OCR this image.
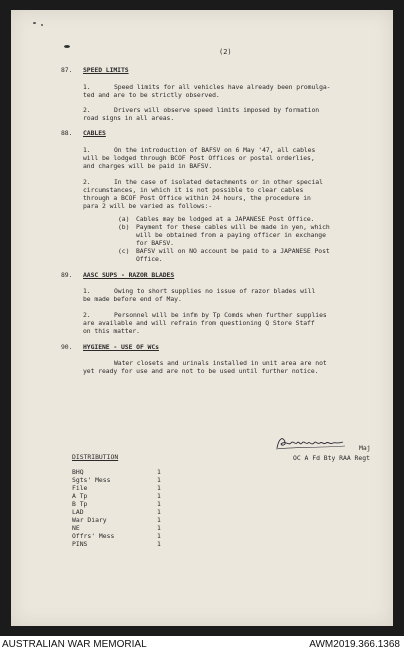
(2)
87. SPEED LIMITS
1.	Speed limits for all vehicles have already been promulga-
ted and are to be strictly observed.
2.	Drivers will observe speed limits imposed by formation
road signs in all areas.
88. CABLES
1.	On the introduction of BAFSV on 6 May '47, all cables
will be lodged through BCOF Post Offices or postal orderlies,
and charges will be paid in BAFSV.
2.	In the case of isolated detachments or in other special
circumstances, in which it is not possible to clear cables
through a BCOF Post Office within 24 hours, the procedure in
para 2 will be varied as follows:-
(a) Cables may be lodged at a JAPANESE Post Office.
(b) Payment for these cables will be made in yen, which
will be obtained from a paying officer in exchange
for BAFSV.
(c) BAFSV will on NO account be paid to a JAPANESE Post
Office.
89. AASC SUPS - RAZOR BLADES
1.	Owing to short supplies no issue of razor blades will
be made before end of May.
2.	Personnel will be infm by Tp Comds when further supplies
are available and will refrain from questioning Q Store Staff
on this matter.
90. HYGIENE - USE OF WCs
Water closets and urinals installed in unit area are not
yet ready for use and are not to be used until further notice.
Maj
OC A Fd Bty RAA Regt
DISTRIBUTION
BHQ	1
Sgts' Mess	1
File	1
A Tp	1
B Tp	1
LAD	1
War Diary	1
NE	1
Offrs' Mess	1
PINS	1
AUSTRALIAN WAR MEMORIAL	AWM2019.366.1368
